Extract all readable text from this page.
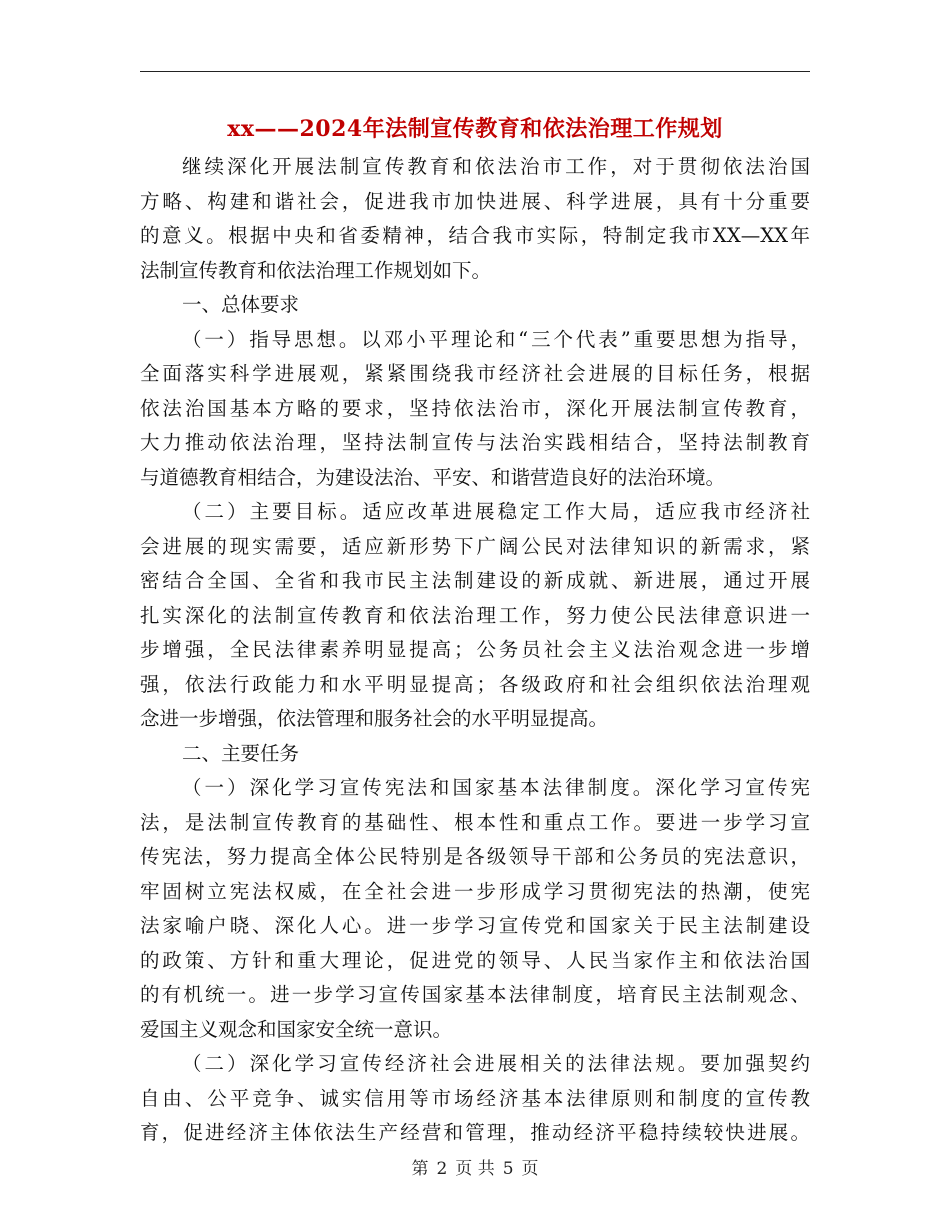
xx——2024年法制宣传教育和依法治理工作规划
继续深化开展法制宣传教育和依法治市工作，对于贯彻依法治国
方略、构建和谐社会，促进我市加快进展、科学进展，具有十分重要
的意义。根据中央和省委精神，结合我市实际，特制定我市XX—XX年
法制宣传教育和依法治理工作规划如下。
一、总体要求
（一）指导思想。以邓小平理论和“三个代表”重要思想为指导，
全面落实科学进展观，紧紧围绕我市经济社会进展的目标任务，根据
依法治国基本方略的要求，坚持依法治市，深化开展法制宣传教育，
大力推动依法治理，坚持法制宣传与法治实践相结合，坚持法制教育
与道德教育相结合，为建设法治、平安、和谐营造良好的法治环境。
（二）主要目标。适应改革进展稳定工作大局，适应我市经济社
会进展的现实需要，适应新形势下广阔公民对法律知识的新需求，紧
密结合全国、全省和我市民主法制建设的新成就、新进展，通过开展
扎实深化的法制宣传教育和依法治理工作，努力使公民法律意识进一
步增强，全民法律素养明显提高；公务员社会主义法治观念进一步增
强，依法行政能力和水平明显提高；各级政府和社会组织依法治理观
念进一步增强，依法管理和服务社会的水平明显提高。
二、主要任务
（一）深化学习宣传宪法和国家基本法律制度。深化学习宣传宪
法，是法制宣传教育的基础性、根本性和重点工作。要进一步学习宣
传宪法，努力提高全体公民特别是各级领导干部和公务员的宪法意识，
牢固树立宪法权威，在全社会进一步形成学习贯彻宪法的热潮，使宪
法家喻户晓、深化人心。进一步学习宣传党和国家关于民主法制建设
的政策、方针和重大理论，促进党的领导、人民当家作主和依法治国
的有机统一。进一步学习宣传国家基本法律制度，培育民主法制观念、
爱国主义观念和国家安全统一意识。
（二）深化学习宣传经济社会进展相关的法律法规。要加强契约
自由、公平竞争、诚实信用等市场经济基本法律原则和制度的宣传教
育，促进经济主体依法生产经营和管理，推动经济平稳持续较快进展。
第 2 页 共 5 页
